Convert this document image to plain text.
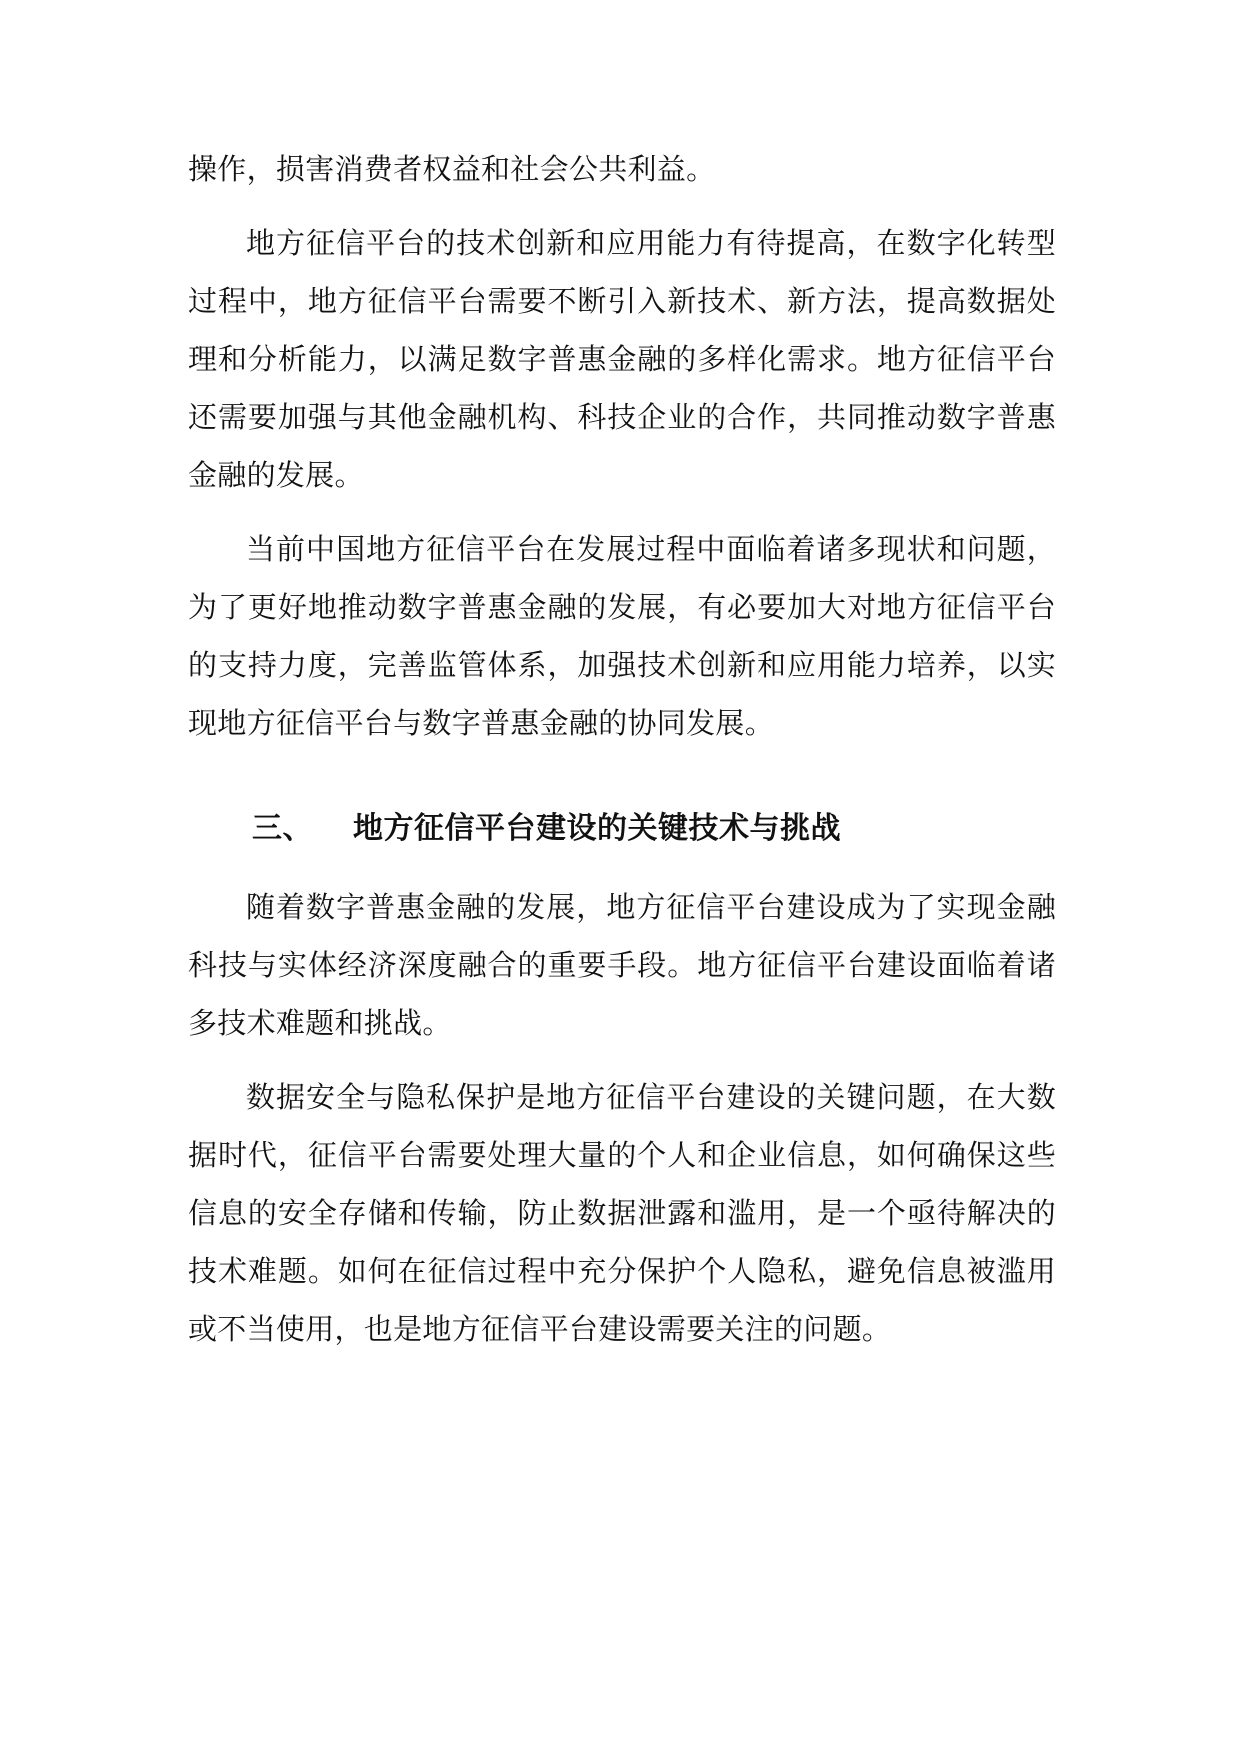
操作，损害消费者权益和社会公共利益。

地方征信平台的技术创新和应用能力有待提高，在数字化转型过程中，地方征信平台需要不断引入新技术、新方法，提高数据处理和分析能力，以满足数字普惠金融的多样化需求。地方征信平台还需要加强与其他金融机构、科技企业的合作，共同推动数字普惠金融的发展。

当前中国地方征信平台在发展过程中面临着诸多现状和问题，为了更好地推动数字普惠金融的发展，有必要加大对地方征信平台的支持力度，完善监管体系，加强技术创新和应用能力培养，以实现地方征信平台与数字普惠金融的协同发展。

三、 地方征信平台建设的关键技术与挑战

随着数字普惠金融的发展，地方征信平台建设成为了实现金融科技与实体经济深度融合的重要手段。地方征信平台建设面临着诸多技术难题和挑战。

数据安全与隐私保护是地方征信平台建设的关键问题，在大数据时代，征信平台需要处理大量的个人和企业信息，如何确保这些信息的安全存储和传输，防止数据泄露和滥用，是一个亟待解决的技术难题。如何在征信过程中充分保护个人隐私，避免信息被滥用或不当使用，也是地方征信平台建设需要关注的问题。
